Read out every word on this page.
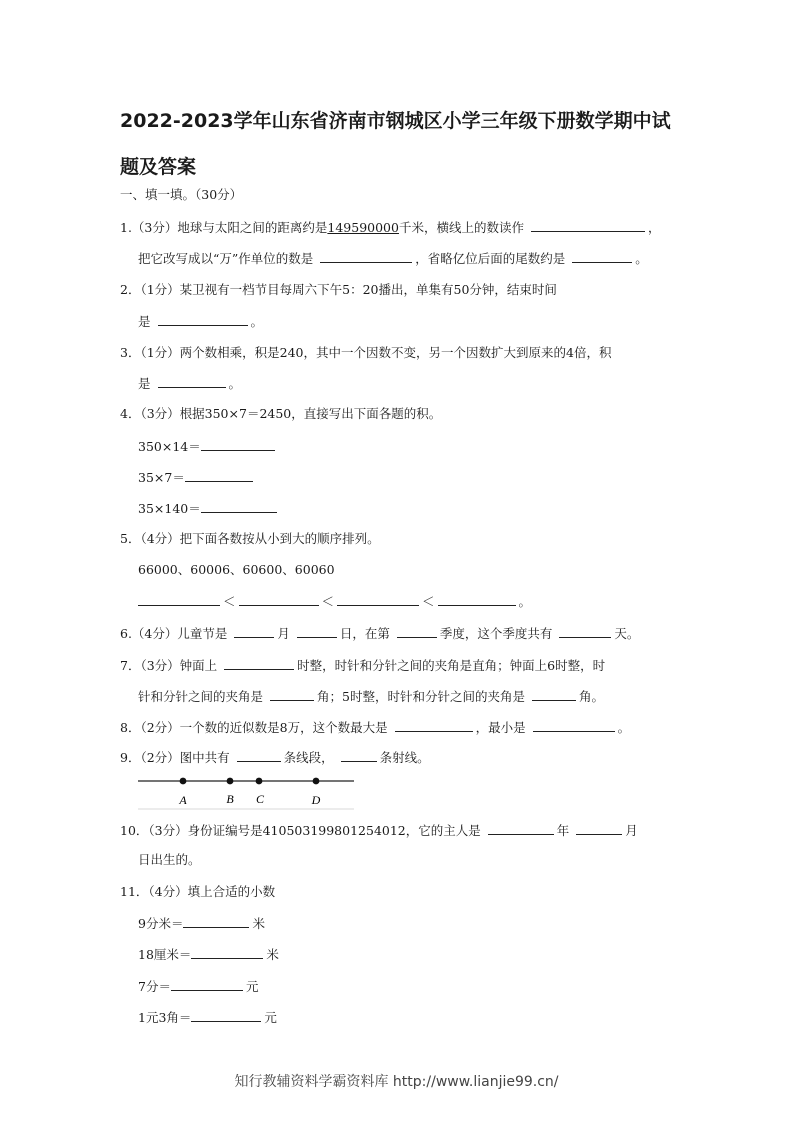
2022-2023学年山东省济南市钢城区小学三年级下册数学期中试题及答案
一、填一填。（30分）
1.（3分）地球与太阳之间的距离约是149590000千米，横线上的数读作	，
把它改写成以“万”作单位的数是	，省略亿位后面的尾数约是	。
2．（1分）某卫视有一档节目每周六下午5：20播出，单集有50分钟，结束时间
是	。
3．（1分）两个数相乘，积是240，其中一个因数不变，另一个因数扩大到原来的4倍，积
是	。
4．（3分）根据350×7＝2450，直接写出下面各题的积。
350×14＝
35×7＝
35×140＝
5．（4分）把下面各数按从小到大的顺序排列。
66000、60006、60600、60060
＜	＜	＜	。
6.（4分）儿童节是	月	日，在第	季度，这个季度共有	天。
7．（3分）钟面上	时整，时针和分针之间的夹角是直角；钟面上6时整，时
针和分针之间的夹角是	角；5时整，时针和分针之间的夹角是	角。
8．（2分）一个数的近似数是8万，这个数最大是	，最小是	。
9．（2分）图中共有	条线段，	条射线。
A	B C	D
10．（3分）身份证编号是410503199801254012，它的主人是	年	月
日出生的。
11．（4分）填上合适的小数
9分米＝	米
18厘米＝	米
7分＝	元
1元3角＝	元
知行教辅资料学霸资料库 http://www.lianjie99.cn/
